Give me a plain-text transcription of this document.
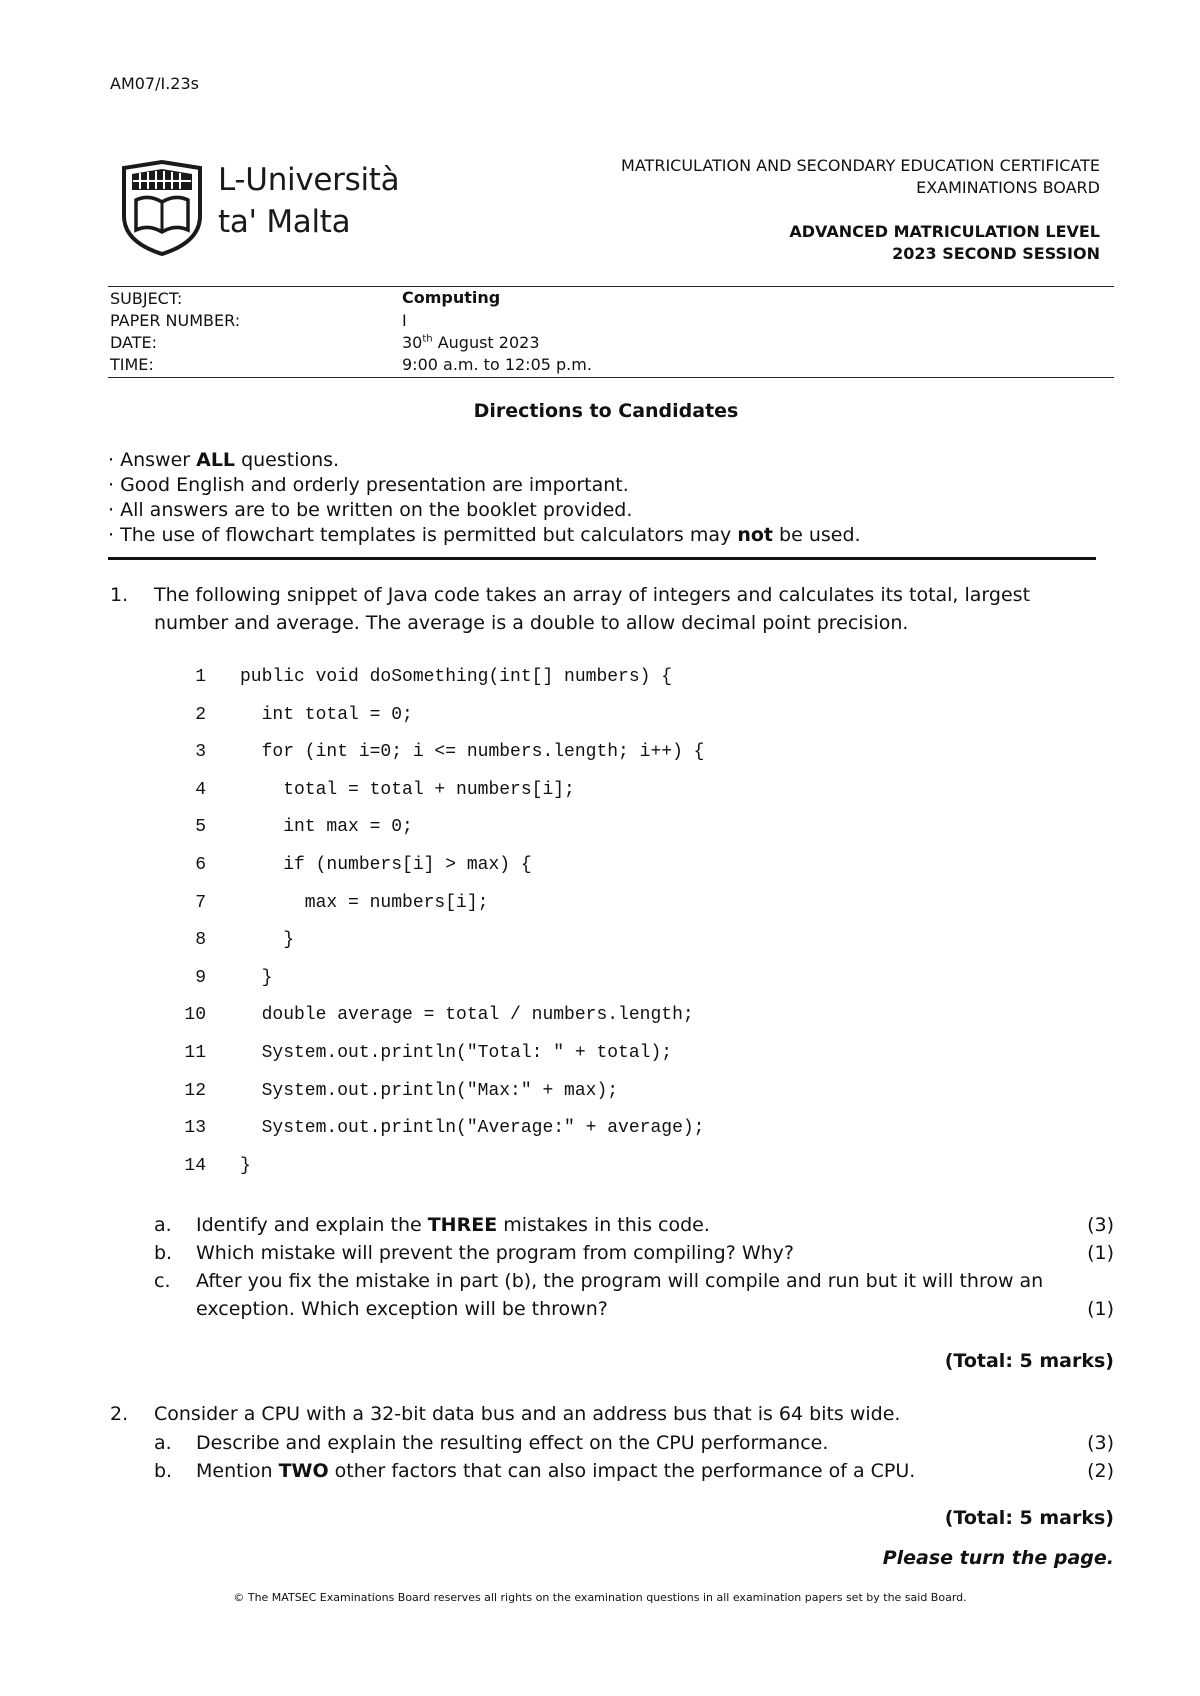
AM07/I.23s
L-Università
ta' Malta
MATRICULATION AND SECONDARY EDUCATION CERTIFICATE
EXAMINATIONS BOARD
ADVANCED MATRICULATION LEVEL
2023 SECOND SESSION
SUBJECT:	Computing
PAPER NUMBER:	I
DATE:	30th August 2023
TIME:	9:00 a.m. to 12:05 p.m.
Directions to Candidates
· Answer ALL questions.
· Good English and orderly presentation are important.
· All answers are to be written on the booklet provided.
· The use of flowchart templates is permitted but calculators may not be used.
1. The following snippet of Java code takes an array of integers and calculates its total, largest
number and average. The average is a double to allow decimal point precision.
1 public void doSomething(int[] numbers) {
2 int total = 0;
3 for (int i=0; i <= numbers.length; i++) {
4 total = total + numbers[i];
5 int max = 0;
6 if (numbers[i] > max) {
7 max = numbers[i];
8 }
9 }
10 double average = total / numbers.length;
11 System.out.println("Total: " + total);
12 System.out.println("Max:" + max);
13 System.out.println("Average:" + average);
14 }
a. Identify and explain the THREE mistakes in this code.	(3)
b. Which mistake will prevent the program from compiling? Why?	(1)
c. After you fix the mistake in part (b), the program will compile and run but it will throw an
exception. Which exception will be thrown?	(1)
(Total: 5 marks)
2. Consider a CPU with a 32-bit data bus and an address bus that is 64 bits wide.
a. Describe and explain the resulting effect on the CPU performance.	(3)
b. Mention TWO other factors that can also impact the performance of a CPU.	(2)
(Total: 5 marks)
Please turn the page.
© The MATSEC Examinations Board reserves all rights on the examination questions in all examination papers set by the said Board.
